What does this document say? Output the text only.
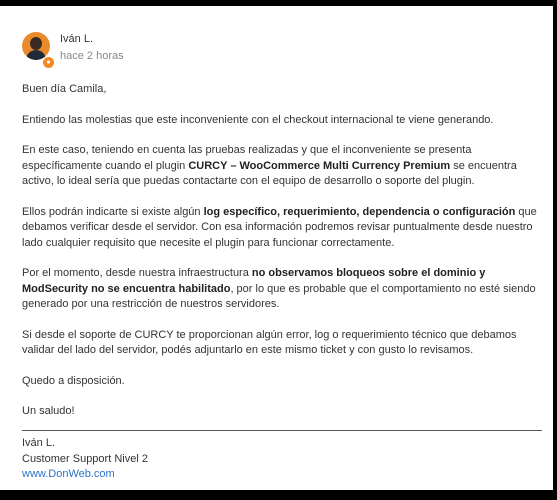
●
Iván L.
hace 2 horas

Buen día Camila,

Entiendo las molestias que este inconveniente con el checkout internacional te viene generando.

En este caso, teniendo en cuenta las pruebas realizadas y que el inconveniente se presenta específicamente cuando el plugin CURCY – WooCommerce Multi Currency Premium se encuentra activo, lo ideal sería que puedas contactarte con el equipo de desarrollo o soporte del plugin.

Ellos podrán indicarte si existe algún log específico, requerimiento, dependencia o configuración que debamos verificar desde el servidor. Con esa información podremos revisar puntualmente desde nuestro lado cualquier requisito que necesite el plugin para funcionar correctamente.

Por el momento, desde nuestra infraestructura no observamos bloqueos sobre el dominio y ModSecurity no se encuentra habilitado, por lo que es probable que el comportamiento no esté siendo generado por una restricción de nuestros servidores.

Si desde el soporte de CURCY te proporcionan algún error, log o requerimiento técnico que debamos validar del lado del servidor, podés adjuntarlo en este mismo ticket y con gusto lo revisamos.

Quedo a disposición.

Un saludo!

Iván L.
Customer Support Nivel 2
www.DonWeb.com
